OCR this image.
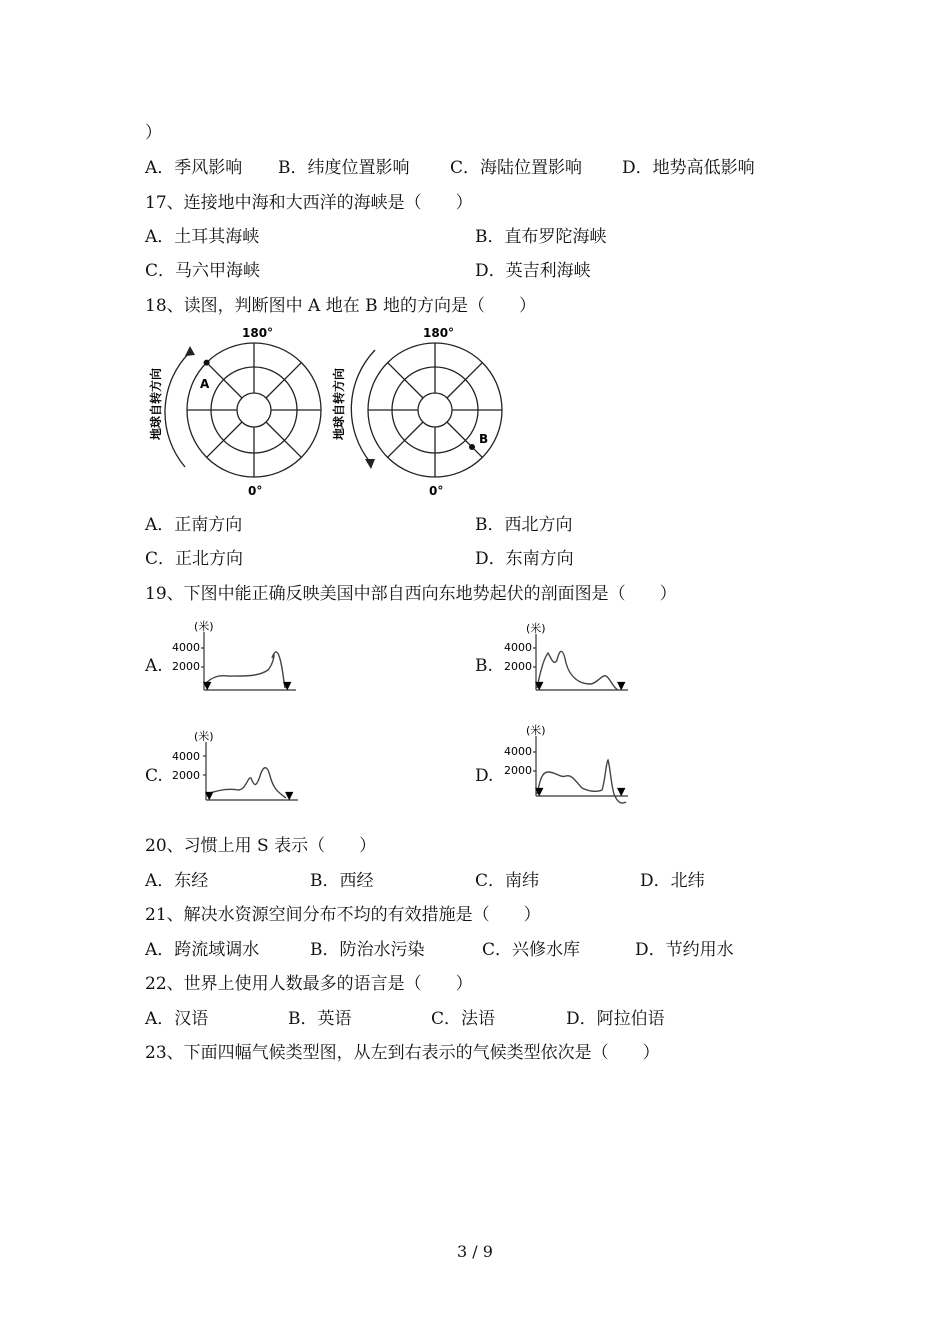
）
A．季风影响 B．纬度位置影响 C．海陆位置影响 D．地势高低影响
17、连接地中海和大西洋的海峡是（　　）
A．土耳其海峡	B．直布罗陀海峡
C．马六甲海峡	D．英吉利海峡
18、读图，判断图中 A 地在 B 地的方向是（　　）
A
180°
0°
地球自转方向	B
180°
0°
地球自转方向
A．正南方向	B．西北方向
C．正北方向	D．东南方向
19、下图中能正确反映美国中部自西向东地势起伏的剖面图是（　　）
A.
(米)
4000
2000
▼	▼
B.
(米)
4000
2000
▼	▼
C.
(米)
4000
2000
▼	▼
D.
(米)
4000
2000
▼	▼
20、习惯上用 S 表示（　　）
A．东经	B．西经	C．南纬	D．北纬
21、解决水资源空间分布不均的有效措施是（　　）
A．跨流域调水	B．防治水污染	C．兴修水库	D．节约用水
22、世界上使用人数最多的语言是（　　）
A．汉语	B．英语	C．法语	D．阿拉伯语
23、下面四幅气候类型图，从左到右表示的气候类型依次是（　　）
3 / 9
